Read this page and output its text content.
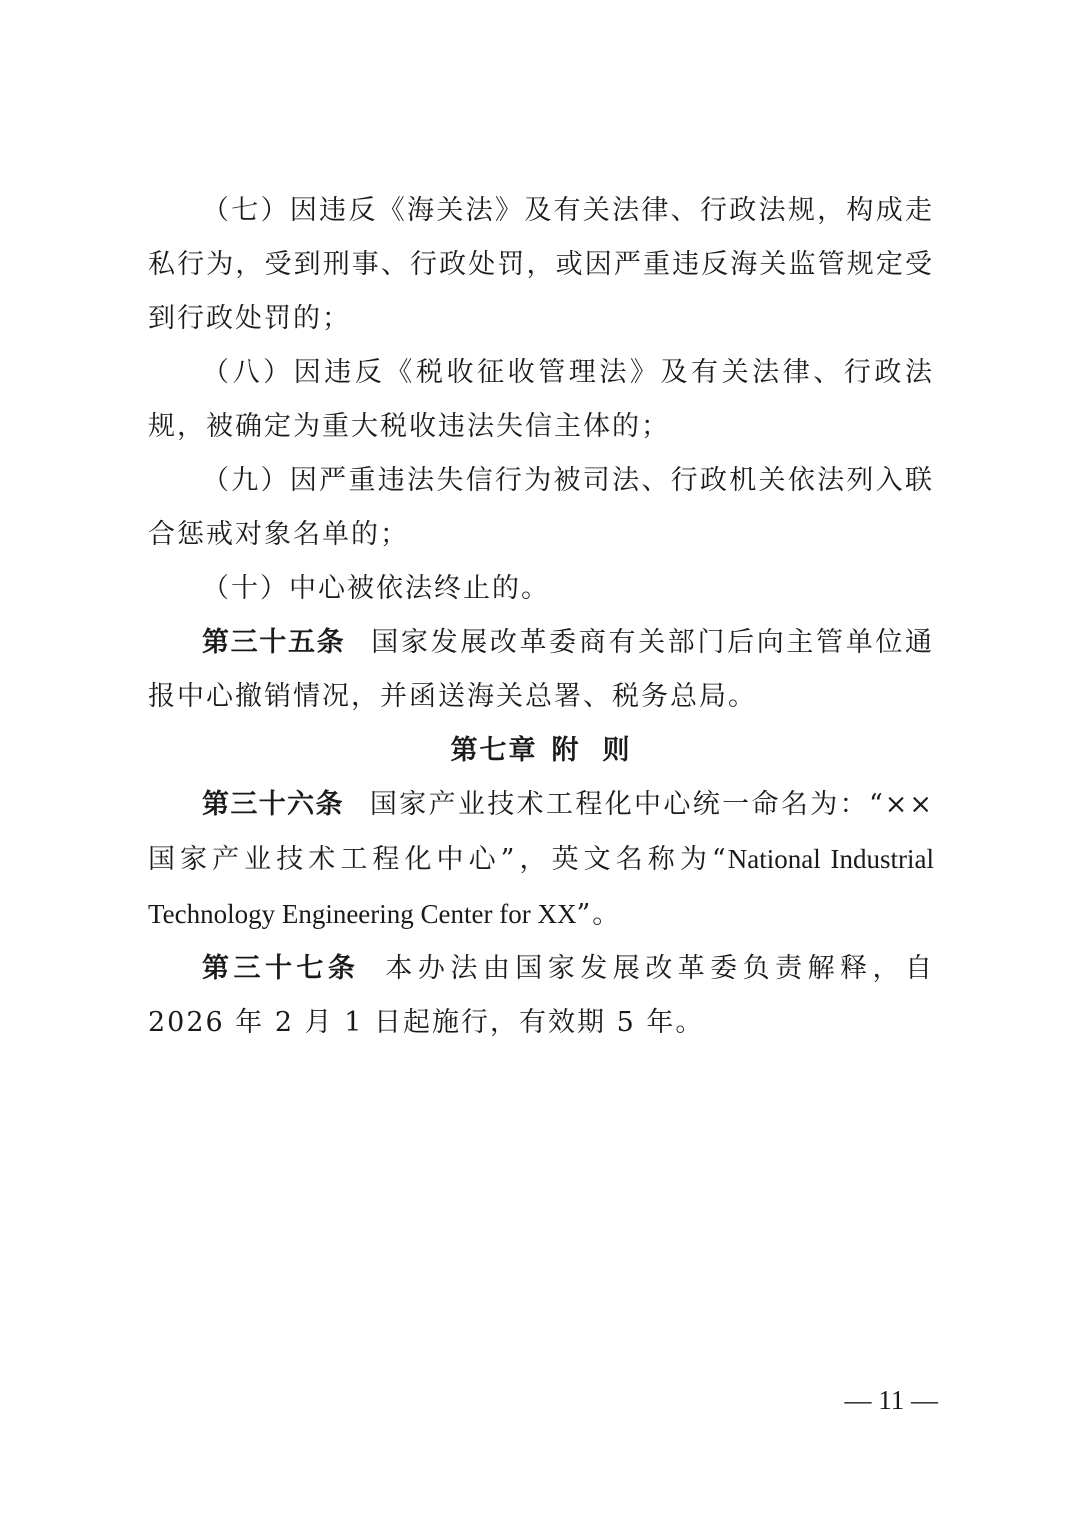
（七）因违反《海关法》及有关法律、行政法规，构成走私行为，受到刑事、行政处罚，或因严重违反海关监管规定受到行政处罚的；

（八）因违反《税收征收管理法》及有关法律、行政法规，被确定为重大税收违法失信主体的；

（九）因严重违法失信行为被司法、行政机关依法列入联合惩戒对象名单的；

（十）中心被依法终止的。

第三十五条 国家发展改革委商有关部门后向主管单位通报中心撤销情况，并函送海关总署、税务总局。

第七章 附 则

第三十六条 国家产业技术工程化中心统一命名为：“××国家产业技术工程化中心”，英文名称为“National Industrial Technology Engineering Center for XX”。

第三十七条 本办法由国家发展改革委负责解释，自 2026 年 2 月 1 日起施行，有效期 5 年。

— 11 —
